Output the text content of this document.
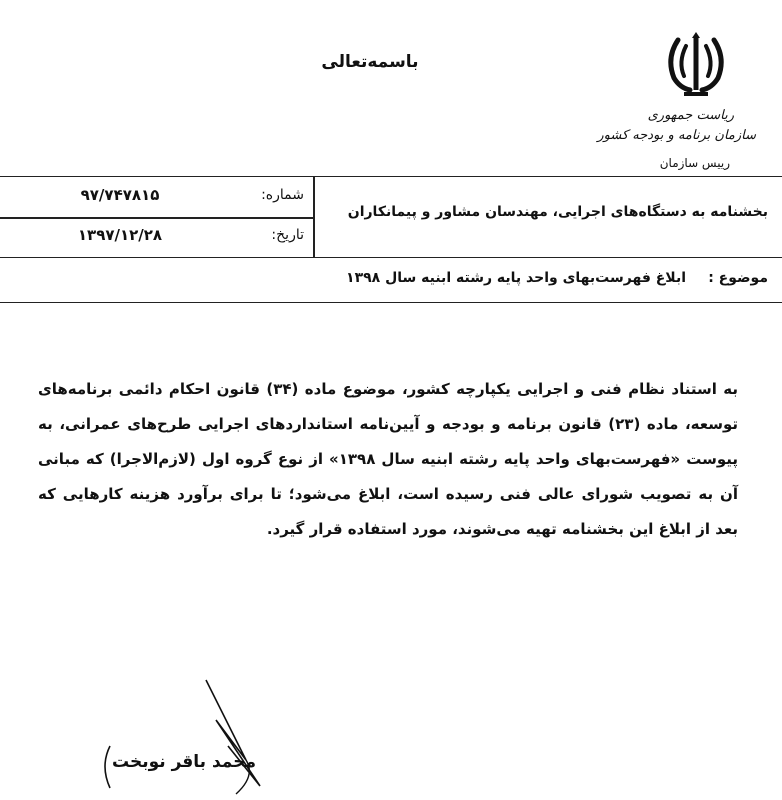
باسمه‌تعالی
ریاست جمهوری
سازمان برنامه و بودجه کشور
رییس سازمان
بخشنامه به دستگاه‌های اجرایی، مهندسان مشاور و پیمانکاران
شماره:
۹۷/۷۴۷۸۱۵
تاریخ:
۱۳۹۷/۱۲/۲۸
موضوع :
ابلاغ فهرست‌بهای واحد پایه رشته ابنیه سال ۱۳۹۸
به استناد نظام فنی و اجرایی یکپارچه کشور، موضوع ماده (۳۴) قانون احکام دائمی برنامه‌های توسعه، ماده (۲۳) قانون برنامه و بودجه و آیین‌نامه استانداردهای اجرایی طرح‌های عمرانی، به پیوست «فهرست‌بهای واحد پایه رشته ابنیه سال ۱۳۹۸» از نوع گروه اول (لازم‌الاجرا) که مبانی آن به تصویب شورای عالی فنی رسیده است، ابلاغ می‌شود؛ تا برای برآورد هزینه کارهایی که بعد از ابلاغ این بخشنامه تهیه می‌شوند، مورد استفاده قرار گیرد.
محمد باقر نوبخت
